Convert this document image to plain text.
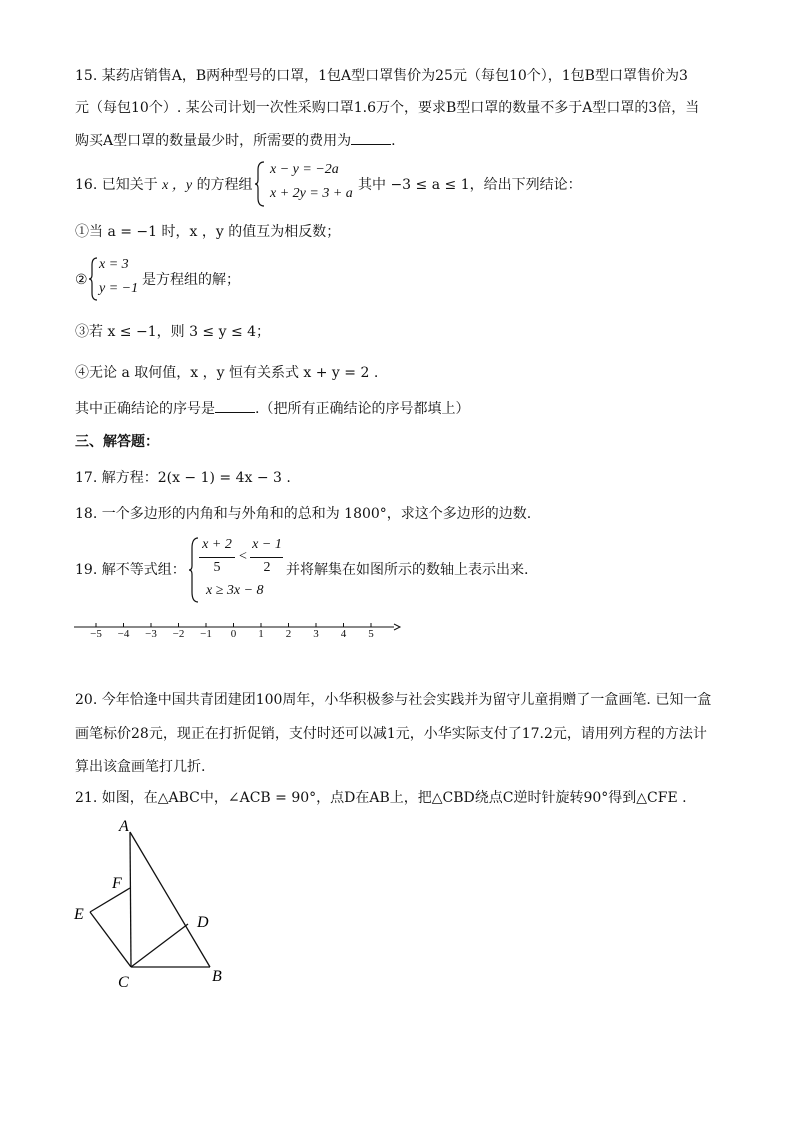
15. 某药店销售A，B两种型号的口罩，1包A型口罩售价为25元（每包10个），1包B型口罩售价为3
元（每包10个）. 某公司计划一次性采购口罩1.6万个，要求B型口罩的数量不多于A型口罩的3倍，当
购买A型口罩的数量最少时，所需要的费用为	.
16. 已知关于 x ，y 的方程组
x − y = −2a
x + 2y = 3 + a
其中 −3 ≤ a ≤ 1，给出下列结论：
①当 a = −1 时，x ，y 的值互为相反数；
②
x = 3
y = −1
是方程组的解；
③若 x ≤ −1，则 3 ≤ y ≤ 4；
④无论 a 取何值，x ，y 恒有关系式 x + y = 2 .
其中正确结论的序号是	.（把所有正确结论的序号都填上）
三、解答题：
17. 解方程：2(x − 1) = 4x − 3 .
18. 一个多边形的内角和与外角和的总和为 1800°，求这个多边形的边数.
19. 解不等式组：
x + 2
5
<
x − 1
2
x ≥ 3x − 8
并将解集在如图所示的数轴上表示出来.
−5	−4	−3	−2	−1	0	1	2	3	4	5
20. 今年恰逢中国共青团建团100周年，小华积极参与社会实践并为留守儿童捐赠了一盒画笔. 已知一盒
画笔标价28元，现正在打折促销，支付时还可以减1元，小华实际支付了17.2元，请用列方程的方法计
算出该盒画笔打几折.
21. 如图，在△ABC中，∠ACB = 90°，点D在AB上，把△CBD绕点C逆时针旋转90°得到△CFE .
A
F
E	D
C	B
